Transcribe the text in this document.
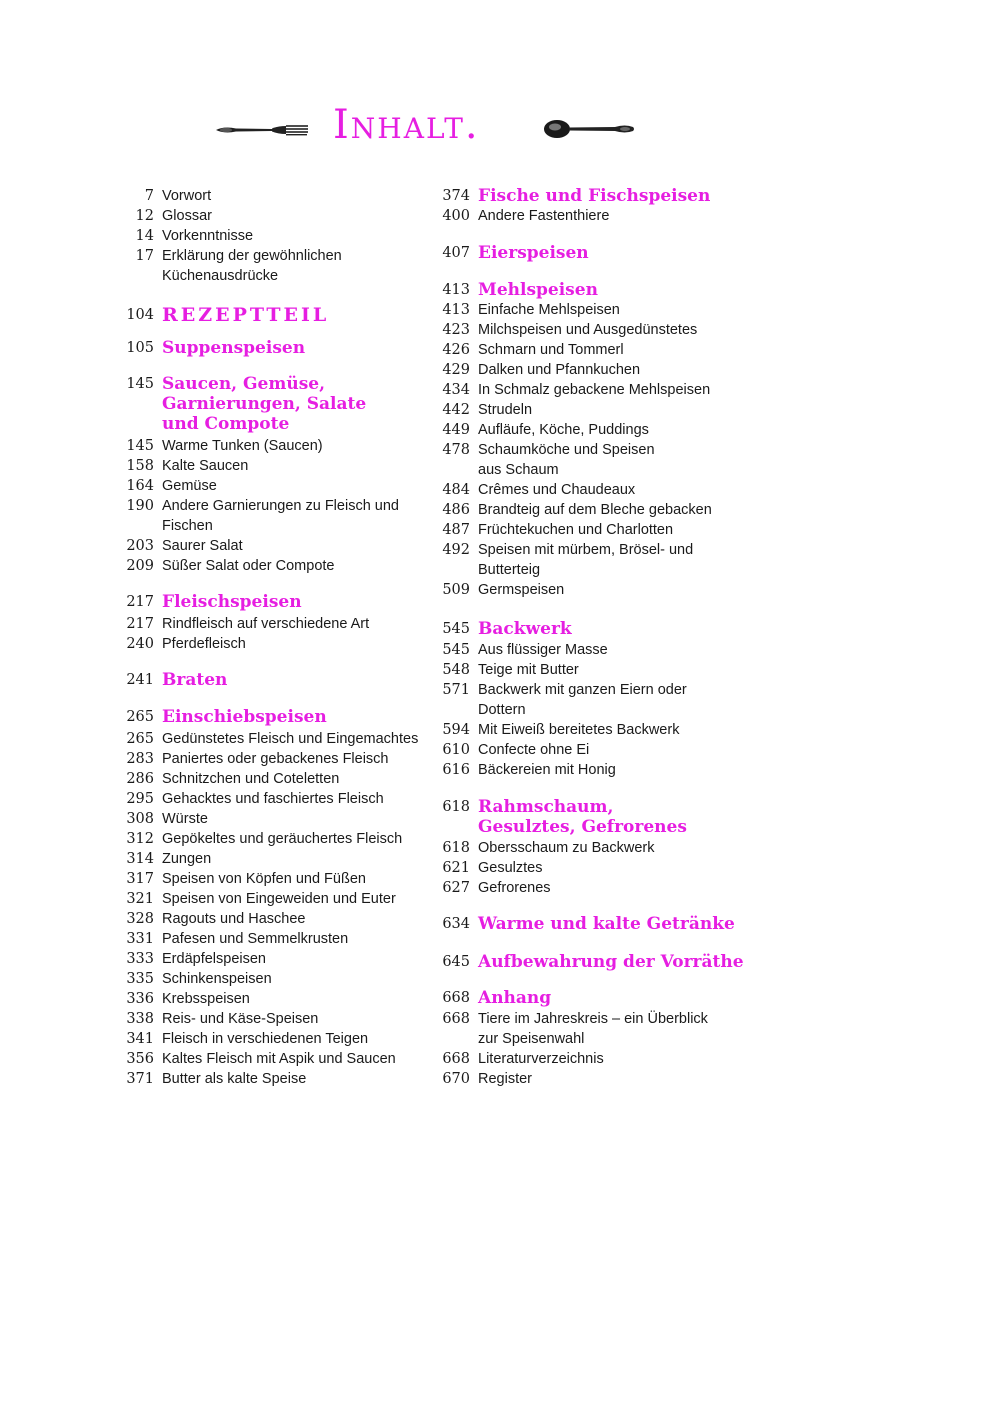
Inhalt.
7 Vorwort
12 Glossar
14 Vorkenntnisse
17 Erklärung der gewöhnlichen
Küchenausdrücke
104 REZEPTTEIL
105 Suppenspeisen
145 Saucen, Gemüse,
Garnierungen, Salate
und Compote
145 Warme Tunken (Saucen)
158 Kalte Saucen
164 Gemüse
190 Andere Garnierungen zu Fleisch und
Fischen
203 Saurer Salat
209 Süßer Salat oder Compote
217 Fleischspeisen
217 Rindfleisch auf verschiedene Art
240 Pferdefleisch
241 Braten
265 Einschiebspeisen
265 Gedünstetes Fleisch und Eingemachtes
283 Paniertes oder gebackenes Fleisch
286 Schnitzchen und Coteletten
295 Gehacktes und faschiertes Fleisch
308 Würste
312 Gepökeltes und geräuchertes Fleisch
314 Zungen
317 Speisen von Köpfen und Füßen
321 Speisen von Eingeweiden und Euter
328 Ragouts und Haschee
331 Pafesen und Semmelkrusten
333 Erdäpfelspeisen
335 Schinkenspeisen
336 Krebsspeisen
338 Reis- und Käse-Speisen
341 Fleisch in verschiedenen Teigen
356 Kaltes Fleisch mit Aspik und Saucen
371 Butter als kalte Speise
374 Fische und Fischspeisen
400 Andere Fastenthiere
407 Eierspeisen
413 Mehlspeisen
413 Einfache Mehlspeisen
423 Milchspeisen und Ausgedünstetes
426 Schmarn und Tommerl
429 Dalken und Pfannkuchen
434 In Schmalz gebackene Mehlspeisen
442 Strudeln
449 Aufläufe, Köche, Puddings
478 Schaumköche und Speisen
aus Schaum
484 Crêmes und Chaudeaux
486 Brandteig auf dem Bleche gebacken
487 Früchtekuchen und Charlotten
492 Speisen mit mürbem, Brösel- und
Butterteig
509 Germspeisen
545 Backwerk
545 Aus flüssiger Masse
548 Teige mit Butter
571 Backwerk mit ganzen Eiern oder
Dottern
594 Mit Eiweiß bereitetes Backwerk
610 Confecte ohne Ei
616 Bäckereien mit Honig
618 Rahmschaum,
Gesulztes, Gefrorenes
618 Obersschaum zu Backwerk
621 Gesulztes
627 Gefrorenes
634 Warme und kalte Getränke
645 Aufbewahrung der Vorräthe
668 Anhang
668 Tiere im Jahreskreis – ein Überblick
zur Speisenwahl
668 Literaturverzeichnis
670 Register
